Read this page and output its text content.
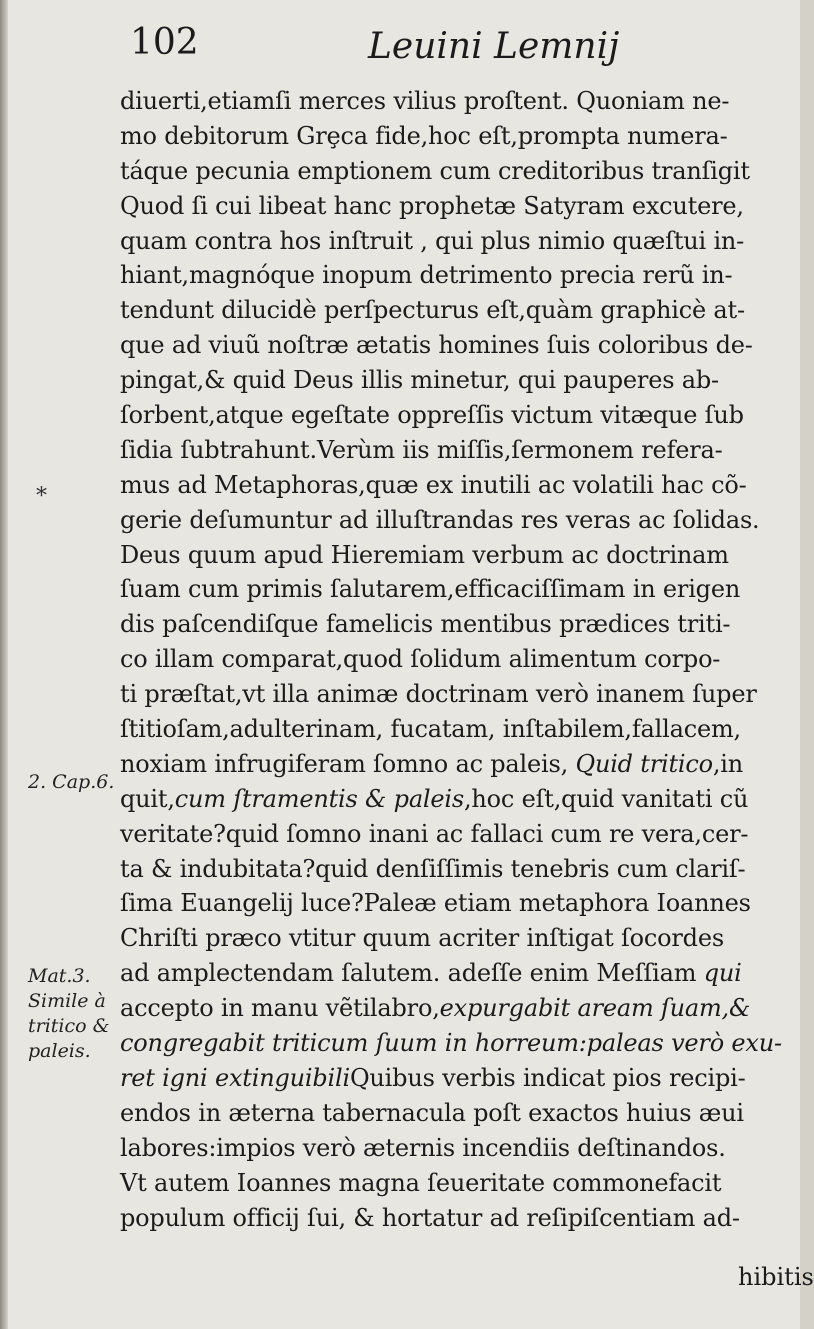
102	Leuini Lemnij
*
2. Cap.6.
Mat.3.
Simile à
tritico &
paleis.
diuerti,etiamſi merces vilius proſtent. Quoniam ne-
mo debitorum Grȩca fide,hoc eſt,prompta numera-
táque pecunia emptionem cum creditoribus tranſigit
Quod ſi cui libeat hanc prophetæ Satyram excutere,
quam contra hos inſtruit , qui plus nimio quæſtui in-
hiant,magnóque inopum detrimento precia rerũ in-
tendunt dilucidè perſpecturus eſt,quàm graphicè at-
que ad viuũ noſtræ ætatis homines ſuis coloribus de-
pingat,& quid Deus illis minetur, qui pauperes ab-
ſorbent,atque egeſtate oppreſſis victum vitæque ſub
ſidia ſubtrahunt.Verùm iis miſſis,ſermonem refera-
mus ad Metaphoras,quæ ex inutili ac volatili hac cõ-
gerie deſumuntur ad illuſtrandas res veras ac ſolidas.
Deus quum apud Hieremiam verbum ac doctrinam
ſuam cum primis ſalutarem,efficaciſſimam in erigen
dis paſcendiſque famelicis mentibus prædices triti-
co illam comparat,quod ſolidum alimentum corpo-
ti præſtat,vt illa animæ doctrinam verò inanem ſuper
ſtitioſam,adulterinam, fucatam, inſtabilem,fallacem,
noxiam infrugiferam ſomno ac paleis, Quid tritico,in
quit,cum ſtramentis & paleis,hoc eſt,quid vanitati cũ
veritate?quid ſomno inani ac fallaci cum re vera,cer-
ta & indubitata?quid denſiſſimis tenebris cum clariſ-
ſima Euangelij luce?Paleæ etiam metaphora Ioannes
Chriſti præco vtitur quum acriter inſtigat ſocordes
ad amplectendam ſalutem. adeſſe enim Meſſiam qui
accepto in manu vẽtilabro,expurgabit aream ſuam,&
congregabit triticum ſuum in horreum:paleas verò exu-
ret igni extinguibiliQuibus verbis indicat pios recipi-
endos in æterna tabernacula poſt exactos huius æui
labores:impios verò æternis incendiis deſtinandos.
Vt autem Ioannes magna ſeueritate commonefacit
populum officij ſui, & hortatur ad reſipiſcentiam ad-
hibitis
